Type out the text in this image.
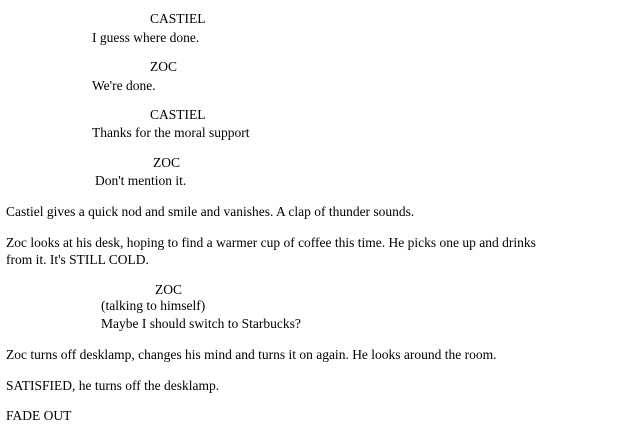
CASTIEL
I guess where done.
ZOC
We're done.
CASTIEL
Thanks for the moral support
ZOC
Don't mention it.
Castiel gives a quick nod and smile and vanishes. A clap of thunder sounds.
Zoc looks at his desk, hoping to find a warmer cup of coffee this time. He picks one up and drinks
from it. It's STILL COLD.
ZOC
(talking to himself)
Maybe I should switch to Starbucks?
Zoc turns off desklamp, changes his mind and turns it on again. He looks around the room.
SATISFIED, he turns off the desklamp.
FADE OUT
